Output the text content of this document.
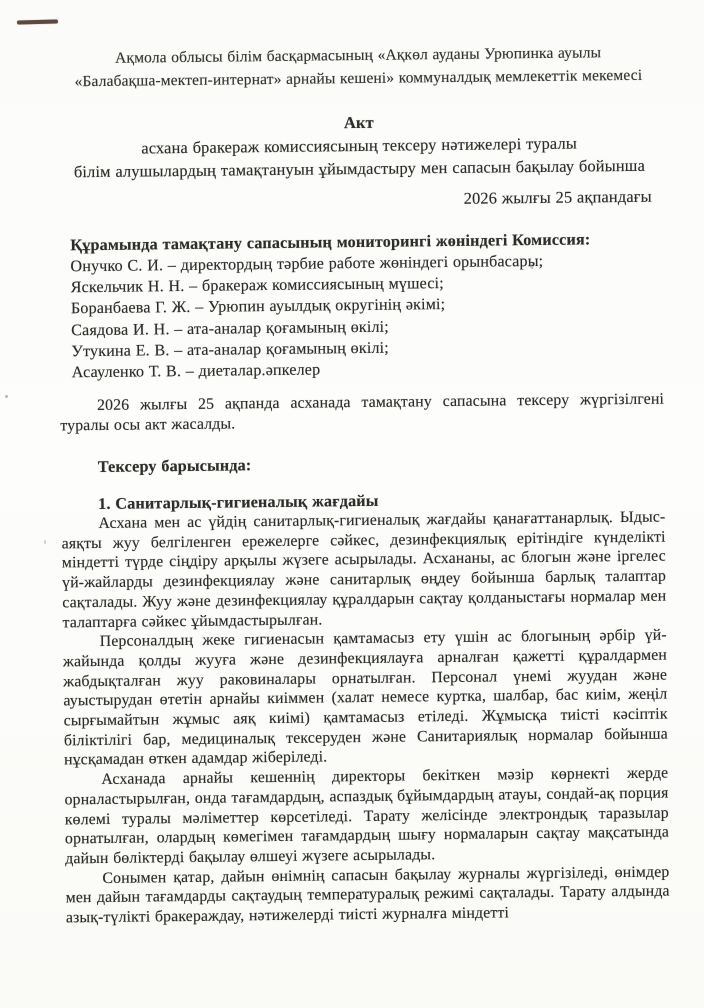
Ақмола облысы білім басқармасының «Ақкөл ауданы Урюпинка ауылы
«Балабақша-мектеп-интернат» арнайы кешені» коммуналдық мемлекеттік мекемесі
Акт
асхана бракераж комиссиясының тексеру нәтижелері туралы
білім алушылардың тамақтануын ұйымдастыру мен сапасын бақылау бойынша
2026 жылғы 25 ақпандағы
Құрамында тамақтану сапасының мониторингі жөніндегі Комиссия:
Онучко С. И. – директордың тәрбие работе жөніндегі орынбасары;
Яскельчик Н. Н. – бракераж комиссиясының мүшесі;
Боранбаева Г. Ж. – Урюпин ауылдық округінің әкімі;
Саядова И. Н. – ата-аналар қоғамының өкілі;
Утукина Е. В. – ата-аналар қоғамының өкілі;
Асауленко Т. В. – диеталар.әпкелер

2026 жылғы 25 ақпанда асханада тамақтану сапасына тексеру жүргізілгені туралы осы акт жасалды.

Тексеру барысында:
1. Санитарлық-гигиеналық жағдайы

Асхана мен ас үйдің санитарлық-гигиеналық жағдайы қанағаттанарлық. Ыдыс-аяқты жуу белгіленген ережелерге сәйкес, дезинфекциялық ерітіндіге күнделікті міндетті түрде сіңдіру арқылы жүзеге асырылады. Асхананы, ас блогын және іргелес үй-жайларды дезинфекциялау және санитарлық өңдеу бойынша барлық талаптар сақталады. Жуу және дезинфекциялау құралдарын сақтау қолданыстағы нормалар мен талаптарға сәйкес ұйымдастырылған.

Персоналдың жеке гигиенасын қамтамасыз ету үшін ас блогының әрбір үй-жайында қолды жууға және дезинфекциялауға арналған қажетті құралдармен жабдықталған жуу раковиналары орнатылған. Персонал үнемі жуудан және ауыстырудан өтетін арнайы киіммен (халат немесе куртка, шалбар, бас киім, жеңіл сырғымайтын жұмыс аяқ киімі) қамтамасыз етіледі. Жұмысқа тиісті кәсіптік біліктілігі бар, медициналық тексеруден және Санитариялық нормалар бойынша нұсқамадан өткен адамдар жіберіледі.

Асханада арнайы кешеннің директоры бекіткен мәзір көрнекті жерде орналастырылған, онда тағамдардың, аспаздық бұйымдардың атауы, сондай-ақ порция көлемі туралы мәліметтер көрсетіледі. Тарату желісінде электрондық таразылар орнатылған, олардың көмегімен тағамдардың шығу нормаларын сақтау мақсатында дайын бөліктерді бақылау өлшеуі жүзеге асырылады.

Сонымен қатар, дайын өнімнің сапасын бақылау журналы жүргізіледі, өнімдер мен дайын тағамдарды сақтаудың температуралық режимі сақталады. Тарату алдында азық-түлікті бракераждау, нәтижелерді тиісті журналға міндетті
